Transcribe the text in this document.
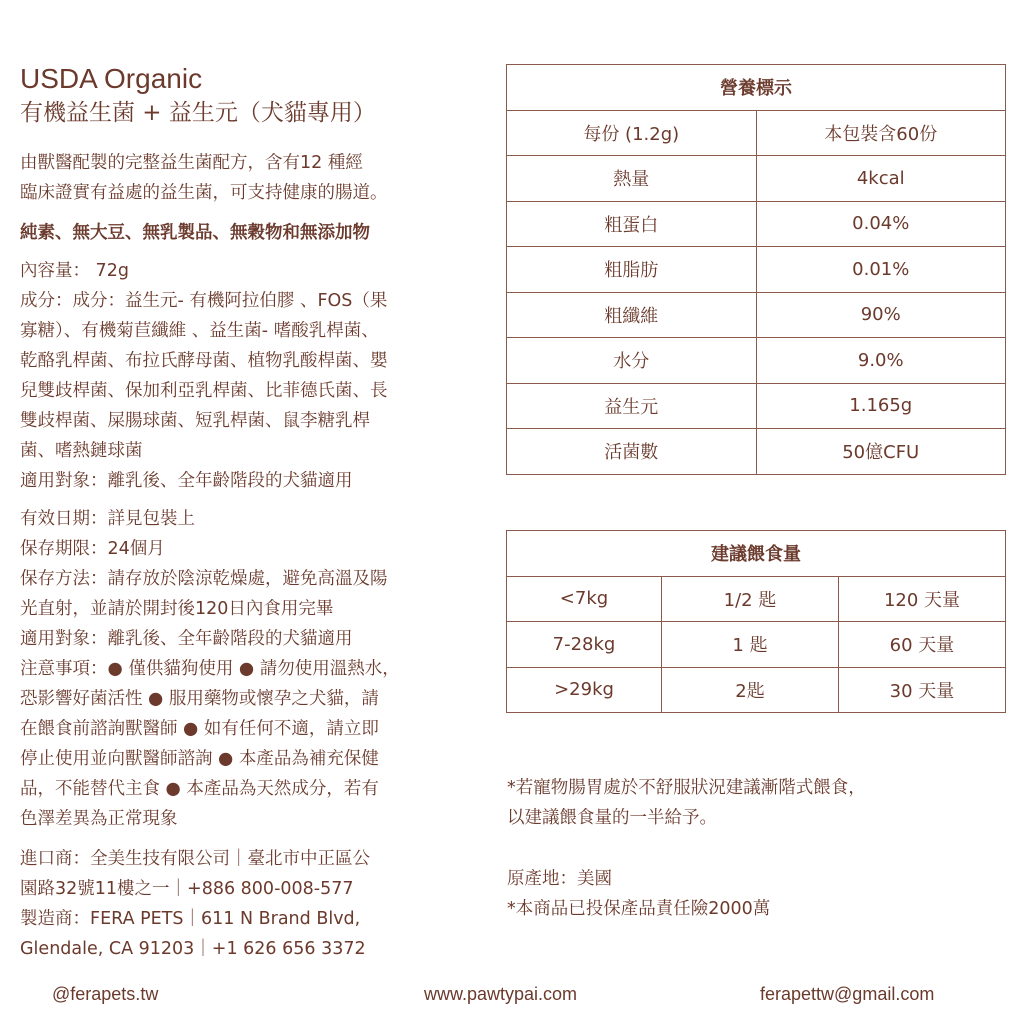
USDA Organic
有機益生菌 + 益生元（犬貓專用）

由獸醫配製的完整益生菌配方，含有12 種經

臨床證實有益處的益生菌，可支持健康的腸道。

純素、無大豆、無乳製品、無穀物和無添加物

內容量： 72g

成分：成分：益生元- 有機阿拉伯膠 、FOS（果

寡糖）、有機菊苣纖維 、益生菌- 嗜酸乳桿菌、

乾酪乳桿菌、布拉氏酵母菌、植物乳酸桿菌、嬰

兒雙歧桿菌、保加利亞乳桿菌、比菲德氏菌、長

雙歧桿菌、屎腸球菌、短乳桿菌、鼠李糖乳桿

菌、嗜熱鏈球菌

適用對象：離乳後、全年齡階段的犬貓適用

有效日期：詳見包裝上

保存期限：24個月

保存方法：請存放於陰涼乾燥處，避免高溫及陽

光直射，並請於開封後120日內食用完畢

適用對象：離乳後、全年齡階段的犬貓適用

注意事項：● 僅供貓狗使用 ● 請勿使用溫熱水，

恐影響好菌活性 ● 服用藥物或懷孕之犬貓，請

在餵食前諮詢獸醫師 ● 如有任何不適，請立即

停止使用並向獸醫師諮詢 ● 本產品為補充保健

品，不能替代主食 ● 本產品為天然成分，若有

色澤差異為正常現象

進口商：全美生技有限公司｜臺北市中正區公

園路32號11樓之一｜+886 800-008-577

製造商：FERA PETS｜611 N Brand Blvd,

Glendale, CA 91203｜+1 626 656 3372

營養標示	
每份 (1.2g)	本包裝含60份
熱量	4kcal
粗蛋白	0.04%
粗脂肪	0.01%
粗纖維	90%
水分	9.0%
益生元	1.165g
活菌數	50億CFU
建議餵食量		
<7kg	1/2 匙	120 天量
7-28kg	1 匙	60 天量
>29kg	2匙	30 天量

*若寵物腸胃處於不舒服狀況建議漸階式餵食，

以建議餵食量的一半給予。

原產地：美國

*本商品已投保產品責任險2000萬

@ferapets.tw	www.pawtypai.com	ferapettw@gmail.com
